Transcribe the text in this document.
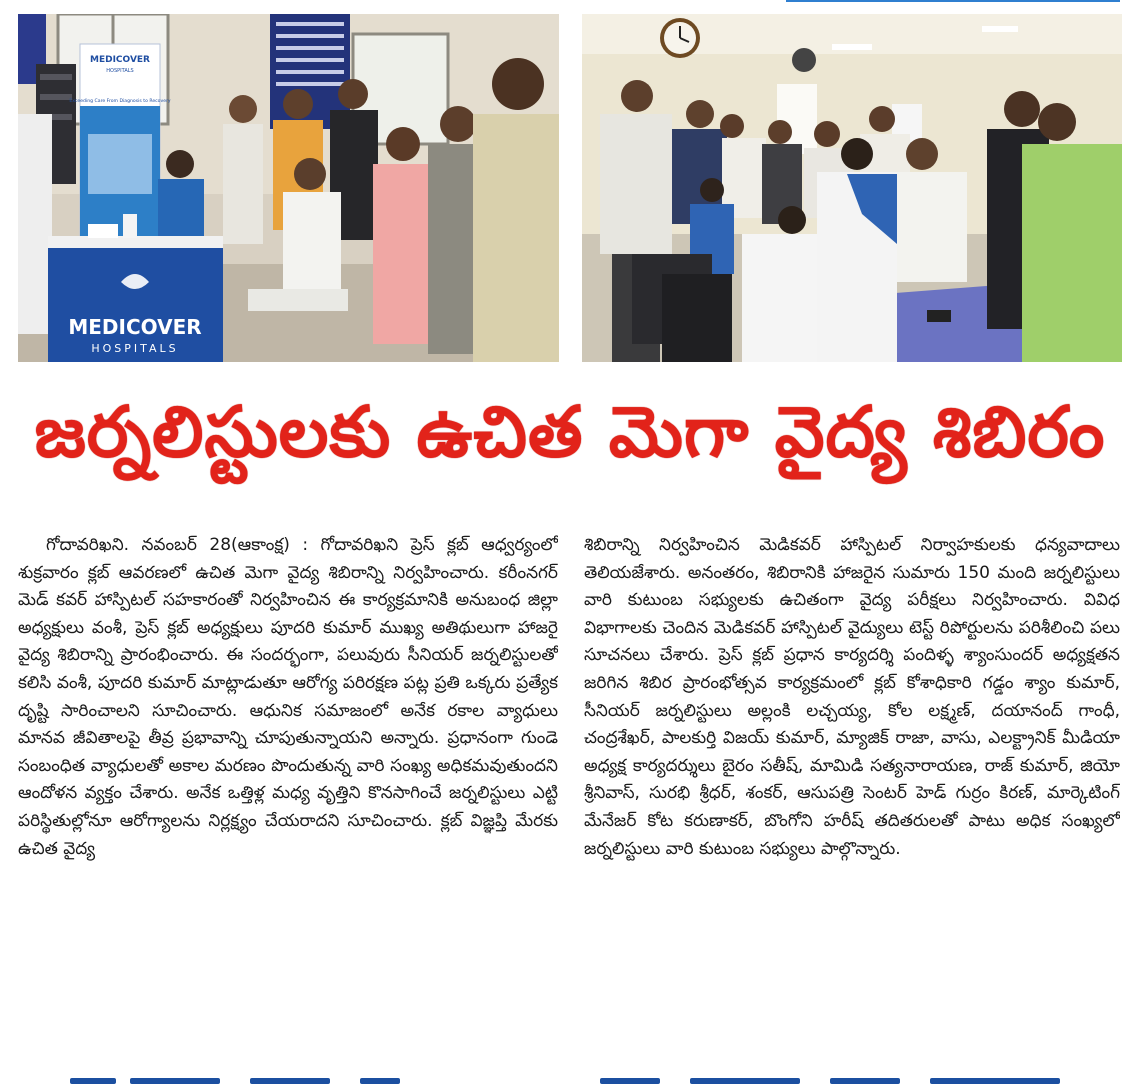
MEDICOVER
HOSPITALS
Exceeding Care From Diagnosis to Recovery
MEDICOVER
HOSPITALS
జర్నలిస్టులకు ఉచిత మెగా వైద్య శిబిరం

గోదావరిఖని. నవంబర్ 28(ఆకాంక్ష) : గోదావరిఖని ప్రెస్ క్లబ్ ఆధ్వర్యంలో శుక్రవారం క్లబ్ ఆవరణలో ఉచిత మెగా వైద్య శిబిరాన్ని నిర్వహించారు. కరీంనగర్ మెడ్ కవర్ హాస్పిటల్ సహకారంతో నిర్వహించిన ఈ కార్యక్రమానికి అనుబంధ జిల్లా అధ్యక్షులు వంశీ, ప్రెస్ క్లబ్ అధ్యక్షులు పూదరి కుమార్ ముఖ్య అతిథులుగా హాజరై వైద్య శిబిరాన్ని ప్రారంభించారు. ఈ సందర్భంగా, పలువురు సీనియర్ జర్నలిస్టులతో కలిసి వంశీ, పూదరి కుమార్ మాట్లాడుతూ ఆరోగ్య పరిరక్షణ పట్ల ప్రతి ఒక్కరు ప్రత్యేక దృష్టి సారించాలని సూచించారు. ఆధునిక సమాజంలో అనేక రకాల వ్యాధులు మానవ జీవితాలపై తీవ్ర ప్రభావాన్ని చూపుతున్నాయని అన్నారు. ప్రధానంగా గుండె సంబంధిత వ్యాధులతో అకాల మరణం పొందుతున్న వారి సంఖ్య అధికమవుతుందని ఆందోళన వ్యక్తం చేశారు. అనేక ఒత్తిళ్ల మధ్య వృత్తిని కొనసాగించే జర్నలిస్టులు ఎట్టి పరిస్థితుల్లోనూ ఆరోగ్యాలను నిర్లక్ష్యం చేయరాదని సూచించారు. క్లబ్ విజ్ఞప్తి మేరకు ఉచిత వైద్య

శిబిరాన్ని నిర్వహించిన మెడికవర్ హాస్పిటల్ నిర్వాహకులకు ధన్యవాదాలు తెలియజేశారు. అనంతరం, శిబిరానికి హాజరైన సుమారు 150 మంది జర్నలిస్టులు వారి కుటుంబ సభ్యులకు ఉచితంగా వైద్య పరీక్షలు నిర్వహించారు. వివిధ విభాగాలకు చెందిన మెడికవర్ హాస్పిటల్ వైద్యులు టెస్ట్ రిపోర్టులను పరిశీలించి పలు సూచనలు చేశారు. ప్రెస్ క్లబ్ ప్రధాన కార్యదర్శి పందిళ్ళ శ్యాంసుందర్ అధ్యక్షతన జరిగిన శిబిర ప్రారంభోత్సవ కార్యక్రమంలో క్లబ్ కోశాధికారి గడ్డం శ్యాం కుమార్, సీనియర్ జర్నలిస్టులు అల్లంకి లచ్చయ్య, కోల లక్ష్మణ్, దయానంద్ గాంధీ, చంద్రశేఖర్, పాలకుర్తి విజయ్ కుమార్, మ్యాజిక్ రాజా, వాసు, ఎలక్ట్రానిక్ మీడియా అధ్యక్ష కార్యదర్శులు బైరం సతీష్, మామిడి సత్యనారాయణ, రాజ్ కుమార్, జియో శ్రీనివాస్, సురభి శ్రీధర్, శంకర్, ఆసుపత్రి సెంటర్ హెడ్ గుర్రం కిరణ్, మార్కెటింగ్ మేనేజర్ కోట కరుణాకర్, బొంగోని హరీష్ తదితరులతో పాటు అధిక సంఖ్యలో జర్నలిస్టులు వారి కుటుంబ సభ్యులు పాల్గొన్నారు.
